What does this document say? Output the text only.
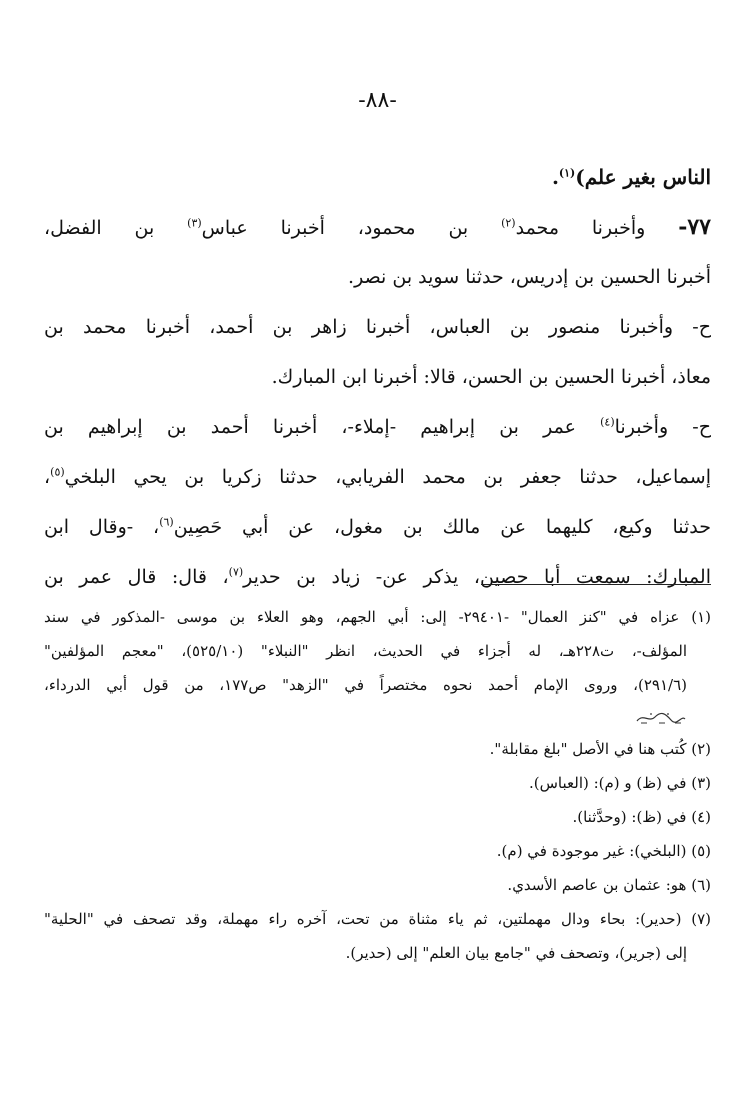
-٨٨-
الناس بغير علم)$^{(١)}$.
٧٧- وأخبرنا محمد$^{(٢)}$ بن محمود، أخبرنا عباس$^{(٣)}$ بن الفضل،
أخبرنا الحسين بن إدريس، حدثنا سويد بن نصر.
ح- وأخبرنا منصور بن العباس، أخبرنا زاهر بن أحمد، أخبرنا محمد بن
معاذ، أخبرنا الحسين بن الحسن، قالا: أخبرنا ابن المبارك.
ح- وأخبرنا$^{(٤)}$ عمر بن إبراهيم -إملاء-، أخبرنا أحمد بن إبراهيم بن
إسماعيل، حدثنا جعفر بن محمد الفريابي، حدثنا زكريا بن يحي البلخي$^{(٥)}$،
حدثنا وكيع، كليهما عن مالك بن مغول، عن أبي حَصِين$^{(٦)}$، -وقال ابن
المبارك: سمعت أبا حصين، يذكر عن- زياد بن حدير$^{(٧)}$، قال: قال عمر بن
(١) عزاه في "كنز العمال" -٢٩٤٠١- إلى: أبي الجهم، وهو العلاء بن موسى -المذكور في سند
المؤلف-، ت٢٢٨هـ، له أجزاء في الحديث، انظر "النبلاء" (٥٢٥/١٠)، "معجم المؤلفين"
(٢٩١/٦)، وروى الإمام أحمد نحوه مختصراً في "الزهد" ص١٧٧، من قول أبي الدرداء،
(٢) كُتب هنا في الأصل "بلغ مقابلة".
(٣) في (ظ) و (م): (العباس).
(٤) في (ظ): (وحدَّثنا).
(٥) (البلخي): غير موجودة في (م).
(٦) هو: عثمان بن عاصم الأسدي.
(٧) (حدير): بحاء ودال مهملتين، ثم ياء مثناة من تحت، آخره راء مهملة، وقد تصحف في "الحلية"
إلى (جرير)، وتصحف في "جامع بيان العلم" إلى (حدير).
